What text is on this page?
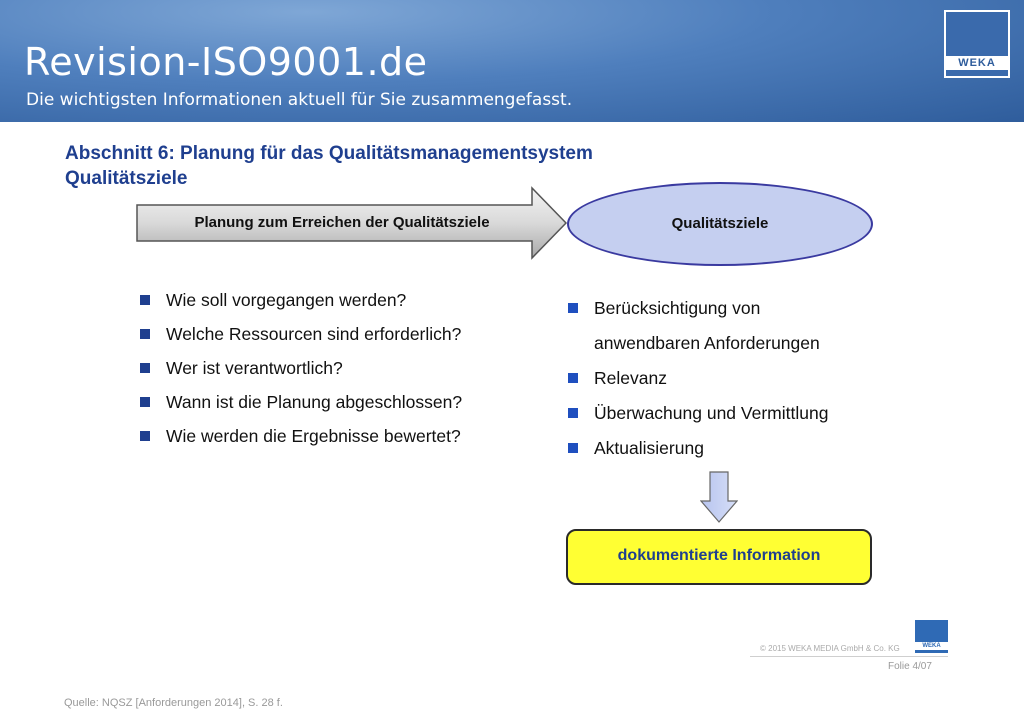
Revision-ISO9001.de
Die wichtigsten Informationen aktuell für Sie zusammengefasst.
WEKA
Abschnitt 6: Planung für das Qualitätsmanagementsystem
Qualitätsziele
Planung zum Erreichen der Qualitätsziele	Qualitätsziele
Wie soll vorgegangen werden?
Welche Ressourcen sind erforderlich?
Wer ist verantwortlich?
Wann ist die Planung abgeschlossen?
Wie werden die Ergebnisse bewertet?
Berücksichtigung von
anwendbaren Anforderungen
Relevanz
Überwachung und Vermittlung
Aktualisierung
dokumentierte Information
© 2015 WEKA MEDIA GmbH & Co. KG	WEKA
Folie 4/07
Quelle: NQSZ [Anforderungen 2014], S. 28 f.
